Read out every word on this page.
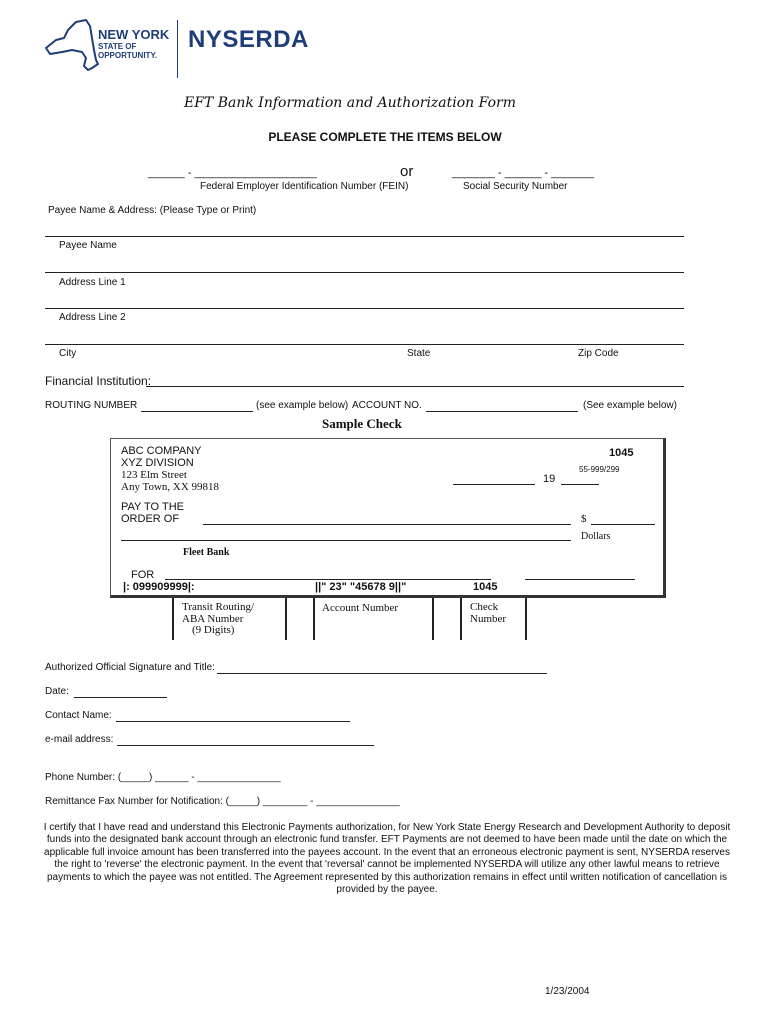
NEW YORK
STATE OF
OPPORTUNITY.
NYSERDA
EFT Bank Information and Authorization Form
PLEASE COMPLETE THE ITEMS BELOW
______ - ____________________	or	_______ - ______ - _______
Federal Employer Identification Number (FEIN)	Social Security Number
Payee Name & Address: (Please Type or Print)
Payee Name
Address Line 1
Address Line 2
City	State	Zip Code
Financial Institution:
ROUTING NUMBER	(see example below) ACCOUNT NO.	(See example below)
Sample Check
ABC COMPANY
XYZ DIVISION
123 Elm Street
Any Town, XX 99818
1045
55-999/299
19
PAY TO THE
ORDER OF	$
Dollars
Fleet Bank
FOR
|: 099909999|:	||" 23" "45678 9||"	1045
Transit Routing/
ABA Number
(9 Digits)
Account Number	Check
Number
Authorized Official Signature and Title:
Date:
Contact Name:
e-mail address:
Phone Number: (_____) ______ - _______________
Remittance Fax Number for Notification: (_____) ________ - _______________
I certify that I have read and understand this Electronic Payments authorization, for New York State Energy Research and Development Authority to deposit funds into the designated bank account through an electronic fund transfer. EFT Payments are not deemed to have been made until the date on which the applicable full invoice amount has been transferred into the payees account. In the event that an erroneous electronic payment is sent, NYSERDA reserves the right to 'reverse' the electronic payment. In the event that 'reversal' cannot be implemented NYSERDA will utilize any other lawful means to retrieve payments to which the payee was not entitled. The Agreement represented by this authorization remains in effect until written notification of cancellation is provided by the payee.
1/23/2004
